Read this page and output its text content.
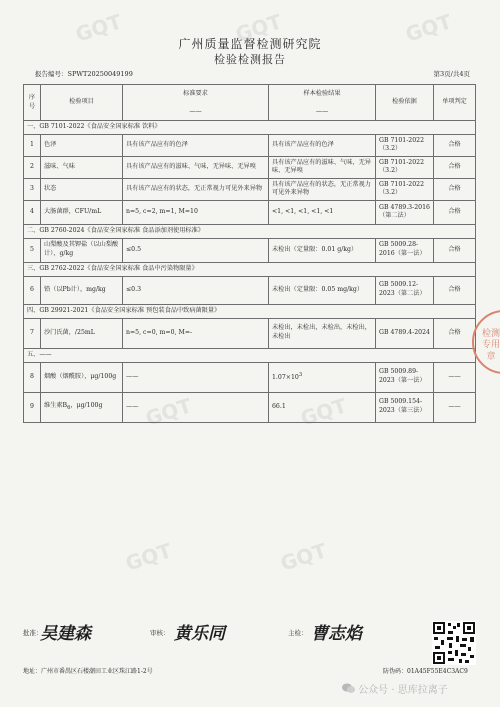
GQT	GQT	GQT
GQT	GQT
GQT	GQT
广州质量监督检测研究院
检验检测报告
报告编号：SPWT20250049199	第3页/共4页
序号	检验项目	标准要求	样本检验结果	检验依据	单项判定
		——	——		
一、GB 7101-2022《食品安全国家标准 饮料》					
1	色泽	具有该产品应有的色泽	具有该产品应有的色泽	GB 7101-2022（3.2）	合格
2	滋味、气味	具有该产品应有的滋味、气味，无异味、无异嗅	具有该产品应有的滋味、气味，无异味、无异嗅	GB 7101-2022（3.2）	合格
3	状态	具有该产品应有的状态，无正常视力可见外来异物	具有该产品应有的状态，无正常视力可见外来异物	GB 7101-2022（3.2）	合格
4	大肠菌群，CFU/mL	n=5, c=2, m=1, M=10	<1, <1, <1, <1, <1	GB 4789.3-2016（第二法）	合格
二、GB 2760-2024《食品安全国家标准 食品添加剂使用标准》					
5	山梨酸及其钾盐（以山梨酸计），g/kg	≤0.5	未检出（定量限：0.01 g/kg）	GB 5009.28-2016（第一法）	合格
三、GB 2762-2022《食品安全国家标准 食品中污染物限量》					
6	铅（以Pb计），mg/kg	≤0.3	未检出（定量限：0.05 mg/kg）	GB 5009.12-2023（第二法）	合格
四、GB 29921-2021《食品安全国家标准 预包装食品中致病菌限量》					
7	沙门氏菌，/25mL	n=5, c=0, m=0, M=-	未检出，未检出，未检出，未检出，未检出	GB 4789.4-2024	合格
五、——					
8	烟酸（烟酰胺），μg/100g	——	$1.07\times 10^3$	GB 5009.89-2023（第一法）	——
9	维生素$B_6$，μg/100g	——	66.1	GB 5009.154-2023（第三法）	——
检测专用章
批准：
吴建森	审核： 黄乐同	主检： 曹志焰
地址：广州市番禺区石楼潮田工业区珠江路1-2号	防伪码：01A45F55E4C3AC9
公众号 · 思库拉离子
